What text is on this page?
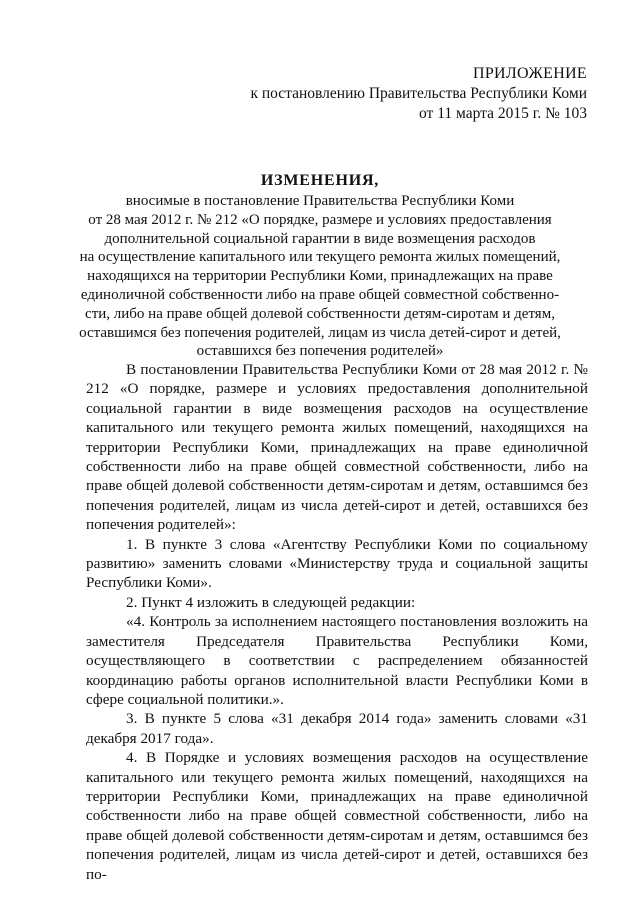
ПРИЛОЖЕНИЕ
к постановлению Правительства Республики Коми
от 11 марта 2015 г. № 103
ИЗМЕНЕНИЯ,
вносимые в постановление Правительства Республики Коми
от 28 мая 2012 г. № 212 «О порядке, размере и условиях предоставления
дополнительной социальной гарантии в виде возмещения расходов
на осуществление капитального или текущего ремонта жилых помещений,
находящихся на территории Республики Коми, принадлежащих на праве
единоличной собственности либо на праве общей совместной собственно-
сти, либо на праве общей долевой собственности детям-сиротам и детям,
оставшимся без попечения родителей, лицам из числа детей-сирот и детей,
оставшихся без попечения родителей»

В постановлении Правительства Республики Коми от 28 мая 2012 г. № 212 «О порядке, размере и условиях предоставления дополнительной социальной гарантии в виде возмещения расходов на осуществление капитального или текущего ремонта жилых помещений, находящихся на территории Республики Коми, принадлежащих на праве единоличной собственности либо на праве общей совместной собственности, либо на праве общей долевой собственности детям-сиротам и детям, оставшимся без попечения родителей, лицам из числа детей-сирот и детей, оставшихся без попечения родителей»:

1. В пункте 3 слова «Агентству Республики Коми по социальному развитию» заменить словами «Министерству труда и социальной защиты Республики Коми».

2. Пункт 4 изложить в следующей редакции:

«4. Контроль за исполнением настоящего постановления возложить на заместителя Председателя Правительства Республики Коми, осуществляющего в соответствии с распределением обязанностей координацию работы органов исполнительной власти Республики Коми в сфере социальной политики.».

3. В пункте 5 слова «31 декабря 2014 года» заменить словами «31 декабря 2017 года».

4. В Порядке и условиях возмещения расходов на осуществление капитального или текущего ремонта жилых помещений, находящихся на территории Республики Коми, принадлежащих на праве единоличной собственности либо на праве общей совместной собственности, либо на праве общей долевой собственности детям-сиротам и детям, оставшимся без попечения родителей, лицам из числа детей-сирот и детей, оставшихся без по-
